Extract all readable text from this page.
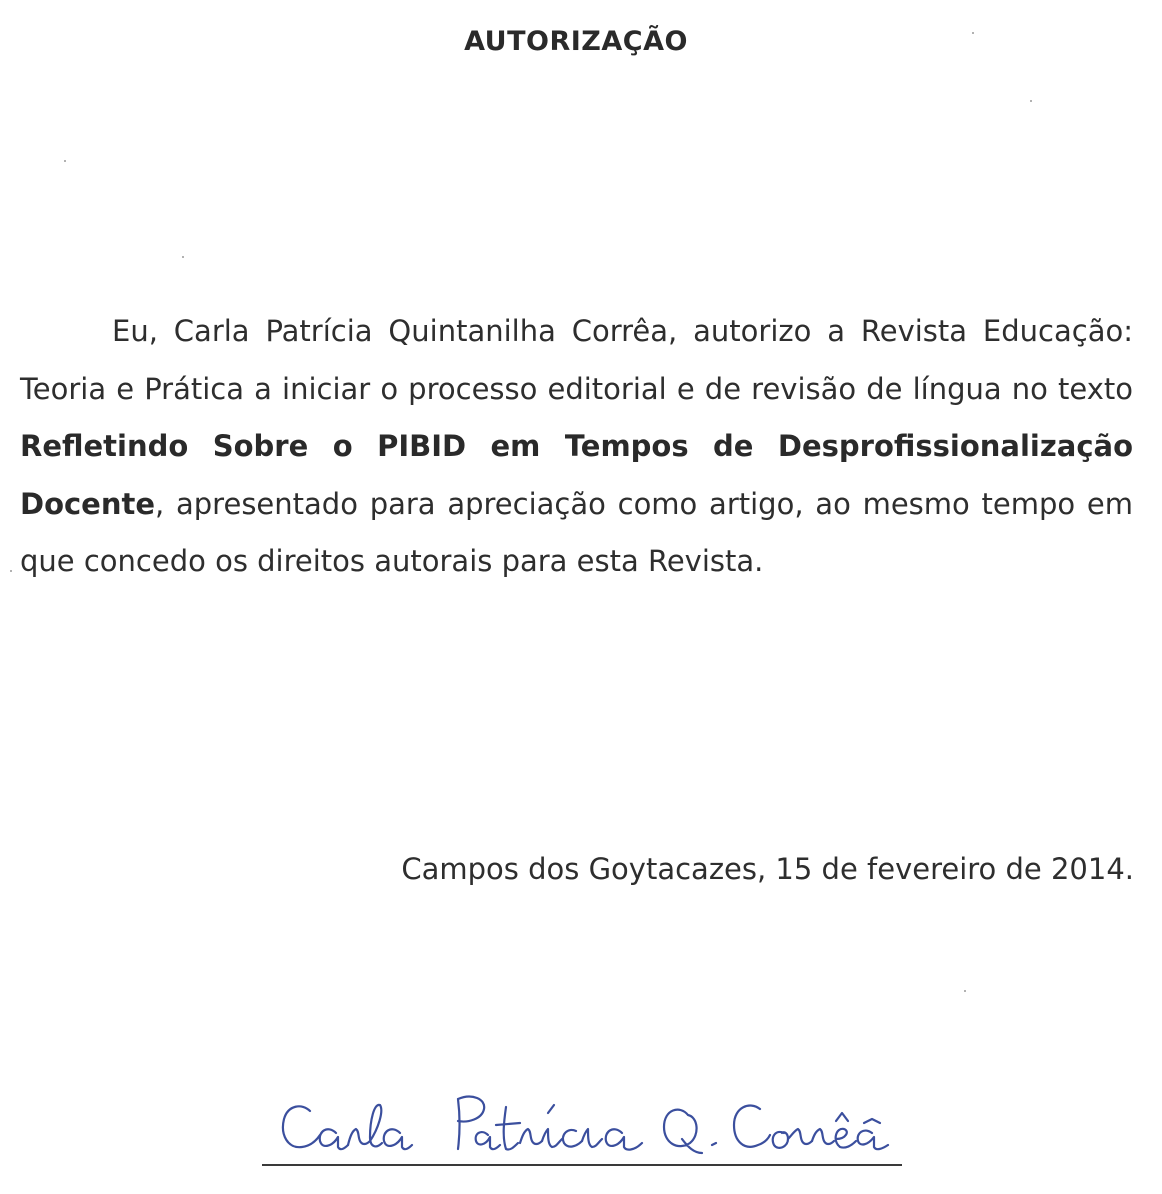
AUTORIZAÇÃO
Eu, Carla Patrícia Quintanilha Corrêa, autorizo a Revista Educação: Teoria e Prática a iniciar o processo editorial e de revisão de língua no texto Refletindo Sobre o PIBID em Tempos de Desprofissionalização Docente, apresentado para apreciação como artigo, ao mesmo tempo em que concedo os direitos autorais para esta Revista.
Campos dos Goytacazes, 15 de fevereiro de 2014.
